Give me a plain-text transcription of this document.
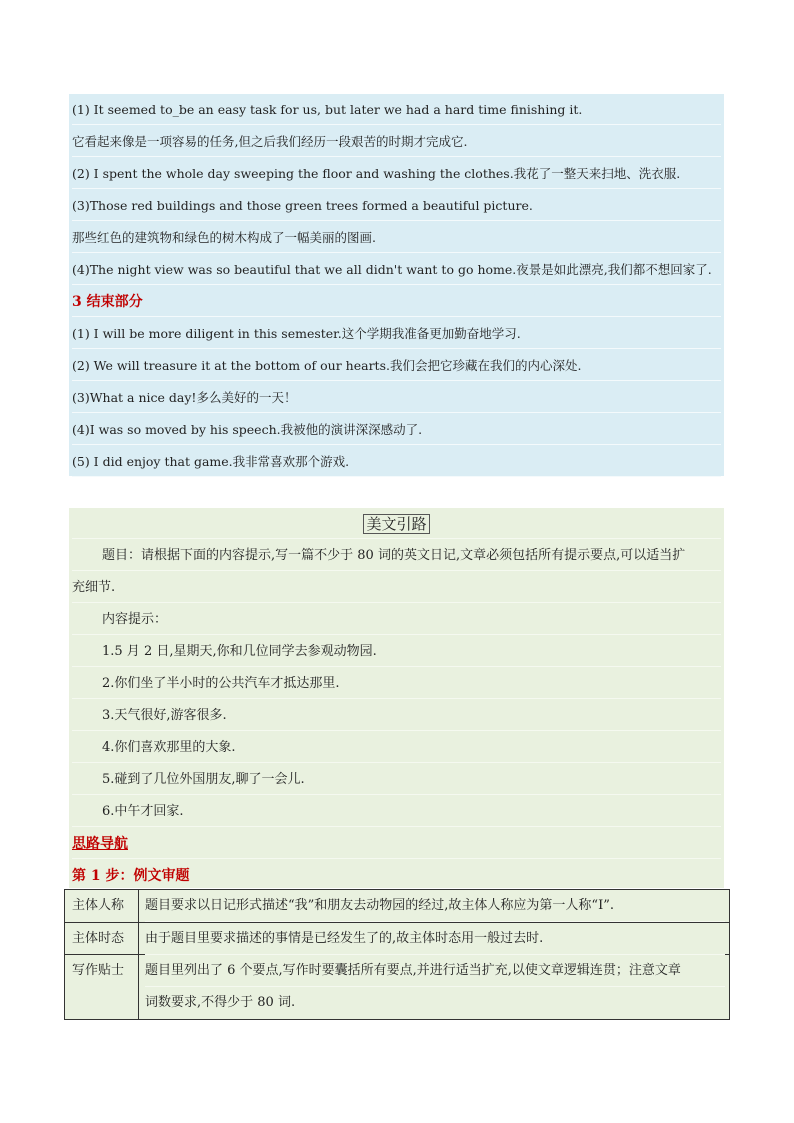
(1) It seemed to_be an easy task for us, but later we had a hard time finishing it.
它看起来像是一项容易的任务,但之后我们经历一段艰苦的时期才完成它.
(2) I spent the whole day sweeping the floor and washing the clothes.我花了一整天来扫地、洗衣服.
(3)Those red buildings and those green trees formed a beautiful picture.
那些红色的建筑物和绿色的树木构成了一幅美丽的图画.
(4)The night view was so beautiful that we all didn't want to go home.夜景是如此漂亮,我们都不想回家了.
3 结束部分
(1) I will be more diligent in this semester.这个学期我准备更加勤奋地学习.
(2) We will treasure it at the bottom of our hearts.我们会把它珍藏在我们的内心深处.
(3)What a nice day!多么美好的一天！
(4)I was so moved by his speech.我被他的演讲深深感动了.
(5) I did enjoy that game.我非常喜欢那个游戏.
美文引路
题目：请根据下面的内容提示,写一篇不少于 80 词的英文日记,文章必须包括所有提示要点,可以适当扩
充细节.
内容提示：
1.5 月 2 日,星期天,你和几位同学去参观动物园.
2.你们坐了半小时的公共汽车才抵达那里.
3.天气很好,游客很多.
4.你们喜欢那里的大象.
5.碰到了几位外国朋友,聊了一会儿.
6.中午才回家.
思路导航
第 1 步：例文审题
主体人称	题目要求以日记形式描述“我”和朋友去动物园的经过,故主体人称应为第一人称“I”.
主体时态	由于题目里要求描述的事情是已经发生了的,故主体时态用一般过去时.
写作贴士	题目里列出了 6 个要点,写作时要囊括所有要点,并进行适当扩充,以使文章逻辑连贯；注意文章
词数要求,不得少于 80 词.
